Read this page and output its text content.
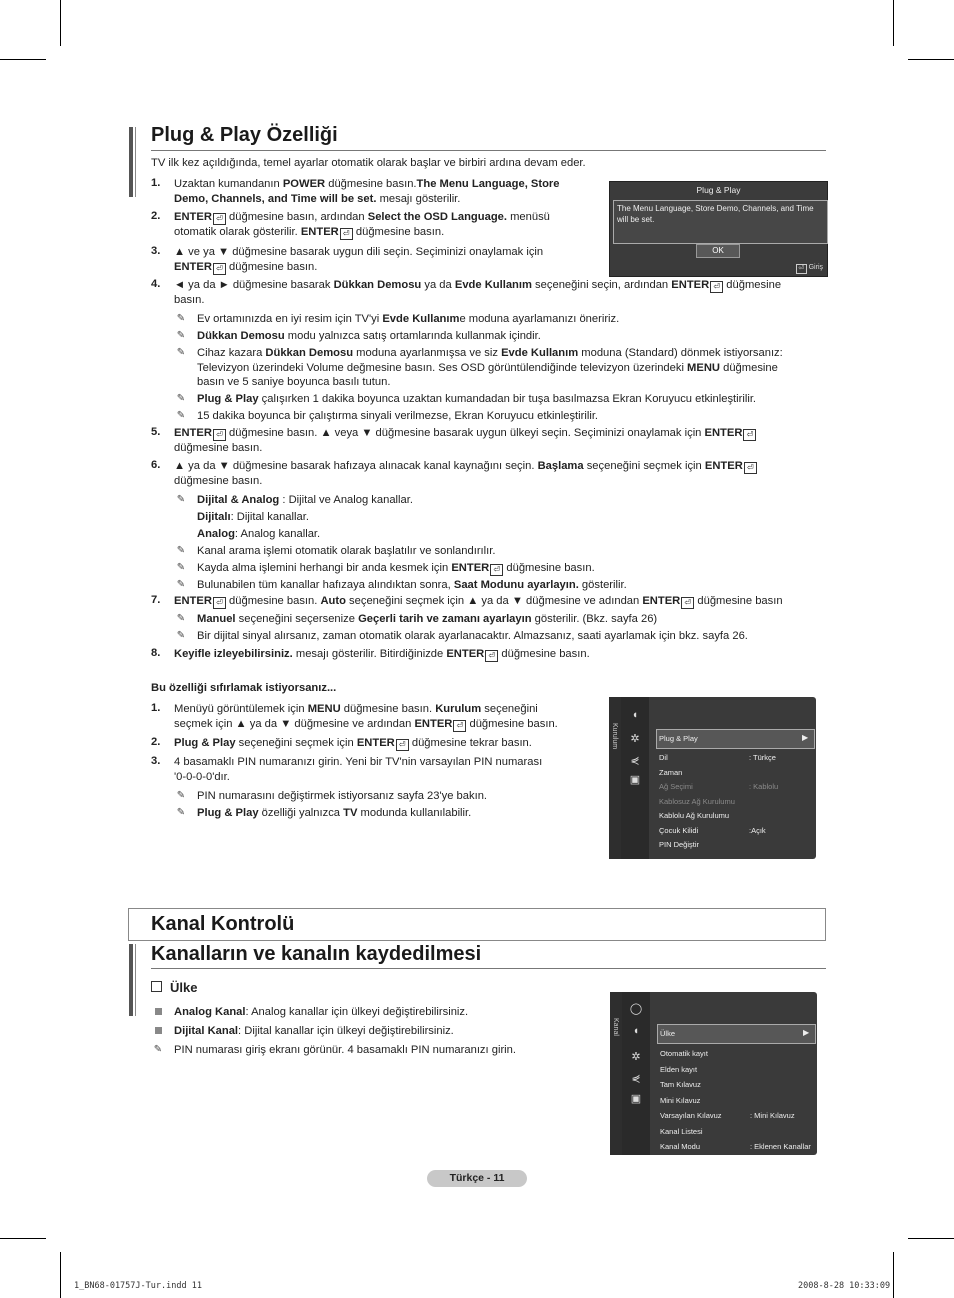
Plug & Play Özelliği
TV ilk kez açıldığında, temel ayarlar otomatik olarak başlar ve birbiri ardına devam eder.
1. Uzaktan kumandanın POWER düğmesine basın.The Menu Language, Store
Demo, Channels, and Time will be set. mesajı gösterilir.
2. ENTER ⏎ düğmesine basın, ardından Select the OSD Language. menüsü
otomatik olarak gösterilir. ENTER ⏎ düğmesine basın.
3. ▲ ve ya ▼ düğmesine basarak uygun dili seçin. Seçiminizi onaylamak için
ENTER ⏎ düğmesine basın.
4. ◄ ya da ► düğmesine basarak Dükkan Demosu ya da Evde Kullanım seçeneğini seçin, ardından ENTER ⏎ düğmesine
basın.
5. ENTER ⏎ düğmesine basın. ▲ veya ▼ düğmesine basarak uygun ülkeyi seçin. Seçiminizi onaylamak için ENTER ⏎
düğmesine basın.
6. ▲ ya da ▼ düğmesine basarak hafızaya alınacak kanal kaynağını seçin. Başlama seçeneğini seçmek için ENTER ⏎
düğmesine basın.
7. ENTER ⏎ düğmesine basın. Auto seçeneğini seçmek için ▲ ya da ▼ düğmesine ve adından ENTER ⏎ düğmesine basın
8. Keyifle izleyebilirsiniz. mesajı gösterilir. Bitirdiğinizde ENTER ⏎ düğmesine basın.
✎ Ev ortamınızda en iyi resim için TV'yi Evde Kullanıme moduna ayarlamanızı öneririz.
✎ Dükkan Demosu modu yalnızca satış ortamlarında kullanmak içindir.
✎ Cihaz kazara Dükkan Demosu moduna ayarlanmışsa ve siz Evde Kullanım moduna (Standard) dönmek istiyorsanız:
Televizyon üzerindeki Volume değmesine basın. Ses OSD görüntülendiğinde televizyon üzerindeki MENU düğmesine
basın ve 5 saniye boyunca basılı tutun.
✎ Plug & Play çalışırken 1 dakika boyunca uzaktan kumandadan bir tuşa basılmazsa Ekran Koruyucu etkinleştirilir.
✎ 15 dakika boyunca bir çalıştırma sinyali verilmezse, Ekran Koruyucu etkinleştirilir.
✎ Dijital & Analog : Dijital ve Analog kanallar.
✎ Kanal arama işlemi otomatik olarak başlatılır ve sonlandırılır.
✎ Kayda alma işlemini herhangi bir anda kesmek için ENTER ⏎ düğmesine basın.
✎ Bulunabilen tüm kanallar hafızaya alındıktan sonra, Saat Modunu ayarlayın. gösterilir.
Dijitalı: Dijital kanallar.
Analog: Analog kanallar.
✎ Manuel seçeneğini seçersenize Geçerli tarih ve zamanı ayarlayın gösterilir. (Bkz. sayfa 26)
✎ Bir dijital sinyal alırsanız, zaman otomatik olarak ayarlanacaktır. Almazsanız, saati ayarlamak için bkz. sayfa 26.
Bu özelliği sıfırlamak istiyorsanız...
1. Menüyü görüntülemek için MENU düğmesine basın. Kurulum seçeneğini
seçmek için ▲ ya da ▼ düğmesine ve ardından ENTER ⏎ düğmesine basın.
2. Plug & Play seçeneğini seçmek için ENTER ⏎ düğmesine tekrar basın.
3. 4 basamaklı PIN numaranızı girin. Yeni bir TV'nin varsayılan PIN numarası
'0-0-0-0'dır.
✎ PIN numarasını değiştirmek istiyorsanız sayfa 23'ye bakın.
✎ Plug & Play özelliği yalnızca TV modunda kullanılabilir.
Plug & Play
The Menu Language, Store Demo, Channels, and Time will be set.
OK
⏎ Giriş
Kurulum
◖
✲
⋞
▣
▶
Plug & Play
Dil	: Türkçe
Zaman
Ağ Seçimi	: Kablolu
Kablosuz Ağ Kurulumu
Kablolu Ağ Kurulumu
Çocuk Kilidi	:Açık
PIN Değiştir
Kanal Kontrolü
Kanalların ve kanalın kaydedilmesi
Ülke
Analog Kanal: Analog kanallar için ülkeyi değiştirebilirsiniz.
Dijital Kanal: Dijital kanallar için ülkeyi değiştirebilirsiniz.
✎ PIN numarası giriş ekranı görünür. 4 basamaklı PIN numaranızı girin.
Kanal
◯
◖
✲
⋞
▣
▶
Ülke
Otomatik kayıt
Elden kayıt
Tam Kılavuz
Mini Kılavuz
Varsayılan Kılavuz	: Mini Kılavuz
Kanal Listesi
Kanal Modu	: Eklenen Kanallar
Türkçe - 11
1_BN68-01757J-Tur.indd 11	2008-8-28 10:33:09
